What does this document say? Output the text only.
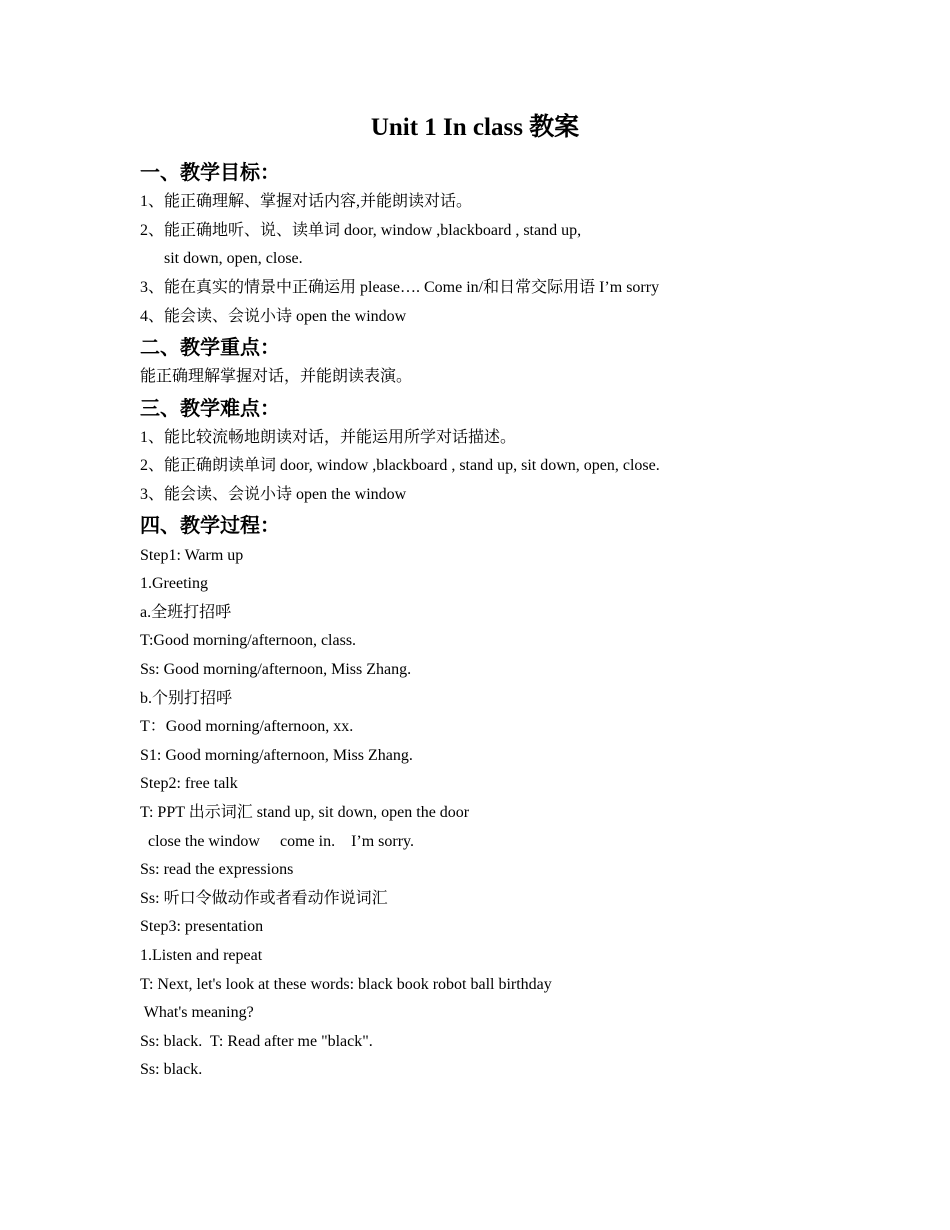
Unit 1 In class 教案
一、教学目标：
1、能正确理解、掌握对话内容,并能朗读对话。
2、能正确地听、说、读单词 door, window ,blackboard , stand up,
sit down, open, close.
3、能在真实的情景中正确运用 please…. Come in/和日常交际用语 I’m sorry
4、能会读、会说小诗 open the window
二、教学重点：
能正确理解掌握对话，并能朗读表演。
三、教学难点：
1、能比较流畅地朗读对话，并能运用所学对话描述。
2、能正确朗读单词 door, window ,blackboard , stand up, sit down, open, close.
3、能会读、会说小诗 open the window
四、教学过程：
Step1: Warm up
1.Greeting
a.全班打招呼
T:Good morning/afternoon, class.
Ss: Good morning/afternoon, Miss Zhang.
b.个别打招呼
T：Good morning/afternoon, xx.
S1: Good morning/afternoon, Miss Zhang.
Step2: free talk
T: PPT 出示词汇 stand up, sit down, open the door
close the window     come in.    I’m sorry.
Ss: read the expressions
Ss: 听口令做动作或者看动作说词汇
Step3: presentation
1.Listen and repeat
T: Next, let's look at these words: black book robot ball birthday
What's meaning?
Ss: black.  T: Read after me "black".
Ss: black.
